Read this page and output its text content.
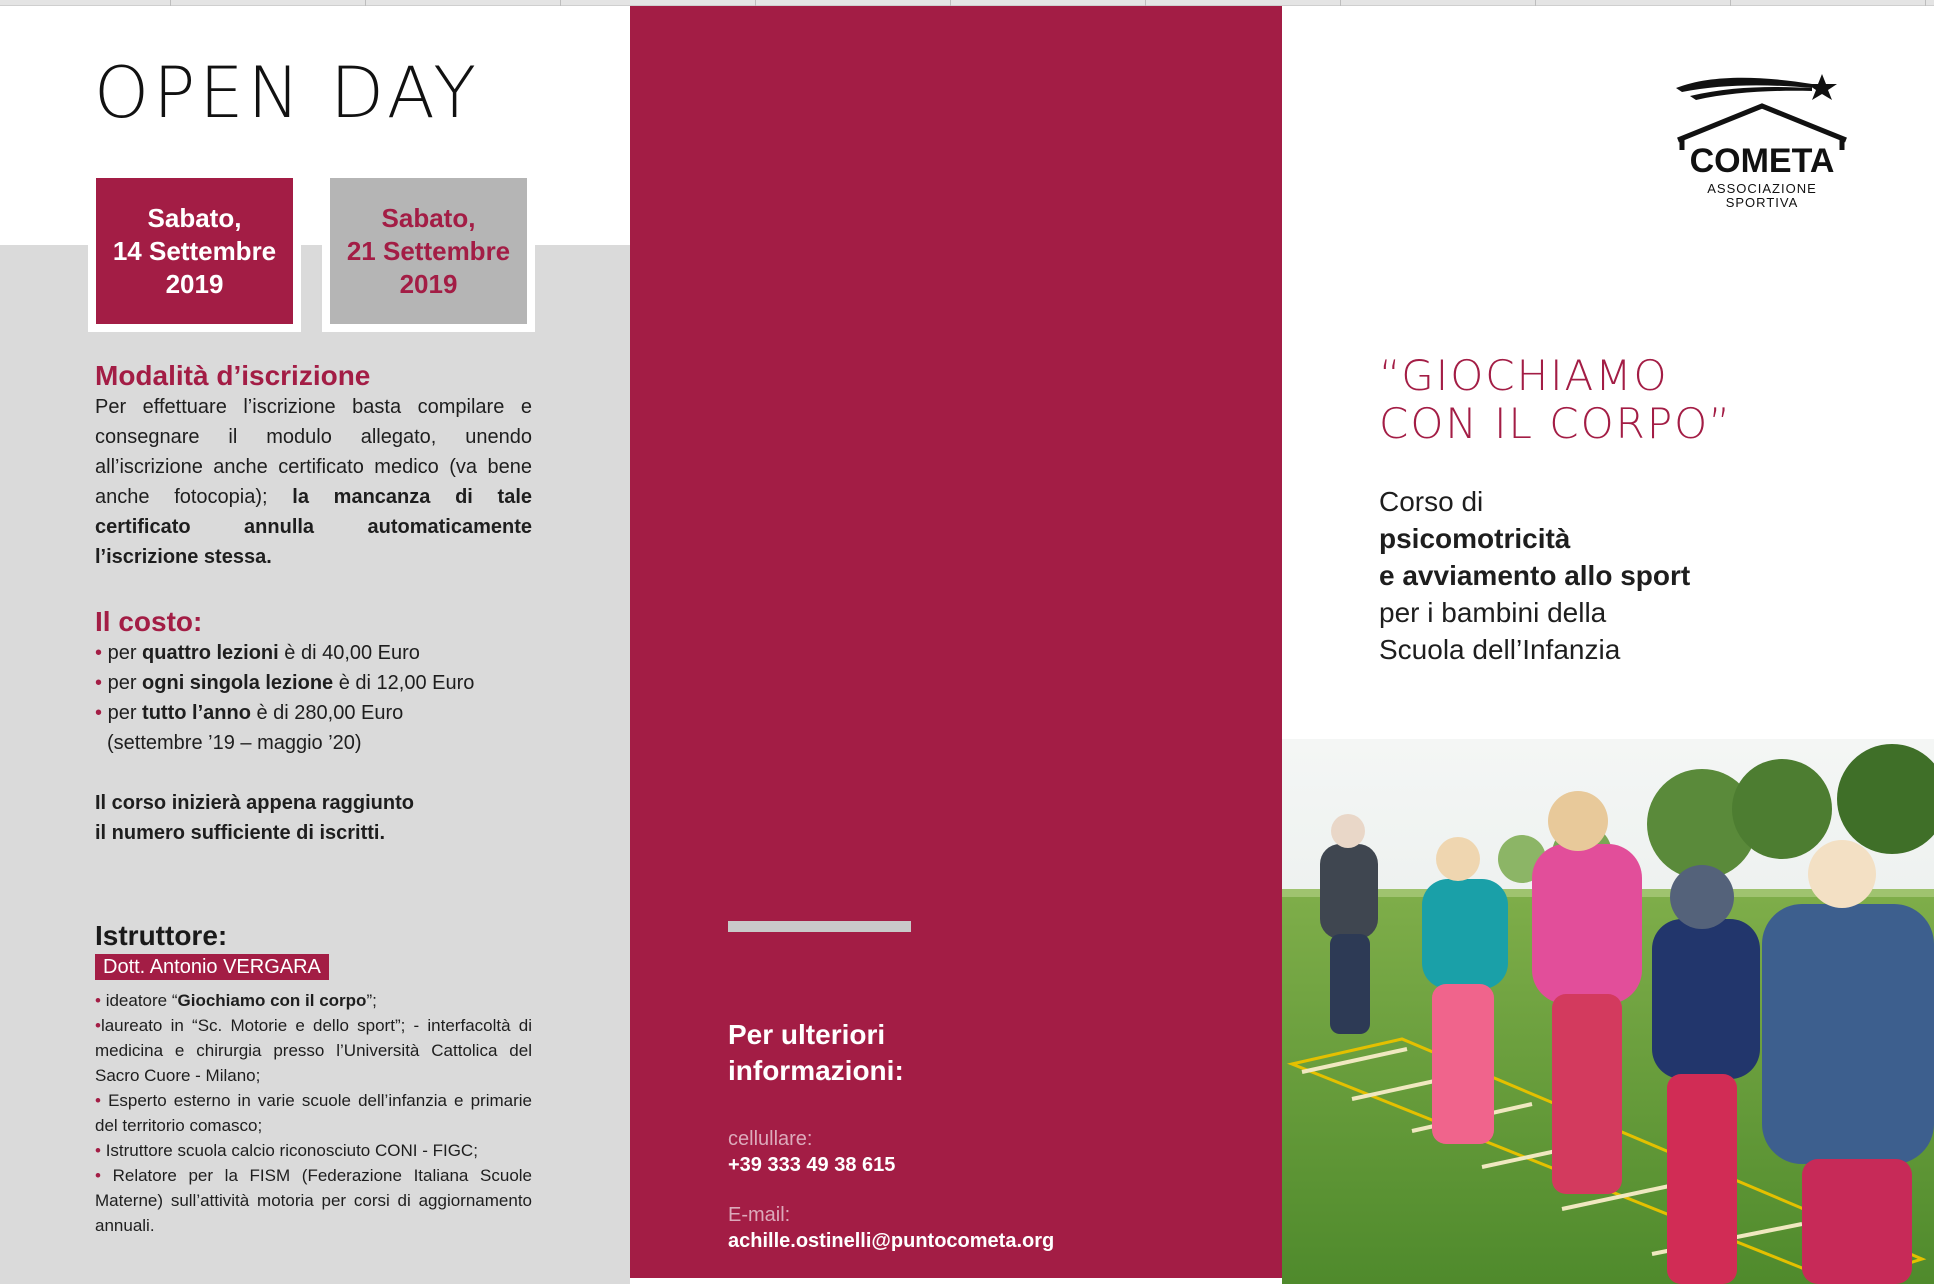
OPEN DAY
Sabato,
14 Settembre
2019
Sabato,
21 Settembre
2019
Modalità d’iscrizione

Per effettuare l’iscrizione basta compilare e consegnare il modulo allegato, unendo all’iscrizione anche certificato medico (va bene anche fotocopia); la mancanza di tale certificato annulla automaticamente l’iscrizione stessa.

Il costo:
• per quattro lezioni è di 40,00 Euro
• per ogni singola lezione è di 12,00 Euro
• per tutto l’anno è di 280,00 Euro
(settembre ’19 – maggio ’20)
Il corso inizierà appena raggiunto
il numero sufficiente di iscritti.
Istruttore:
Dott. Antonio VERGARA

• ideatore “Giochiamo con il corpo”;

•laureato in “Sc. Motorie e dello sport”; - interfacoltà di medicina e chirurgia presso l’Università Cattolica del Sacro Cuore - Milano;

• Esperto esterno in varie scuole dell’infanzia e primarie del territorio comasco;

• Istruttore scuola calcio riconosciuto CONI - FIGC;

• Relatore per la FISM (Federazione Italiana Scuole Materne) sull’attività motoria per corsi di aggiornamento annuali.

Per ulteriori
informazioni:
cellullare:
+39 333 49 38 615
E-mail:
achille.ostinelli@puntocometa.org
COMETA
ASSOCIAZIONE
SPORTIVA
“GIOCHIAMO
CON IL CORPO”
Corso di
psicomotricità
e avviamento allo sport
per i bambini della
Scuola dell’Infanzia
